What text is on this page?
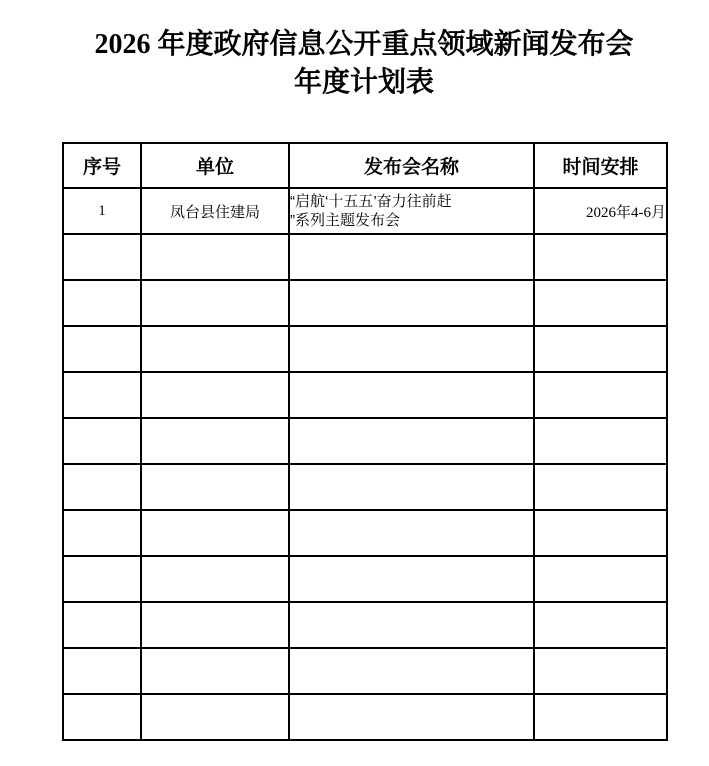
2026 年度政府信息公开重点领域新闻发布会
年度计划表
序号	单位	发布会名称	时间安排
1	凤台县住建局	“启航‘十五五’奋力往前赶
”系列主题发布会	2026年4-6月
